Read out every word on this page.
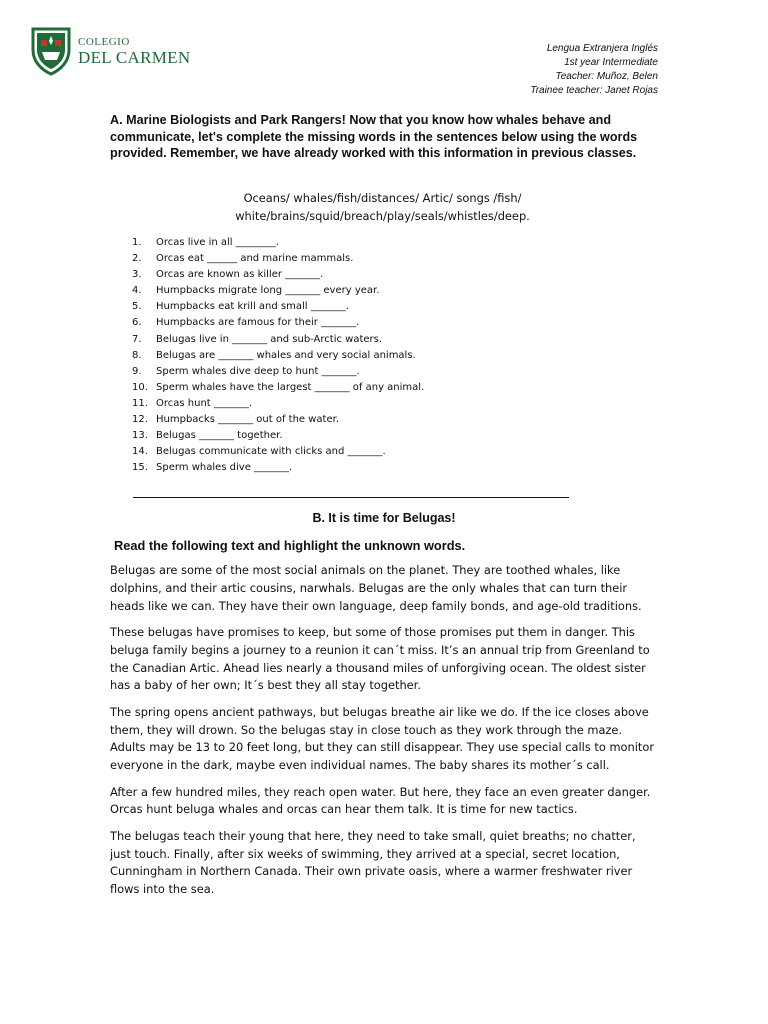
COLEGIO
DEL CARMEN	Lengua Extranjera Inglés
1st year Intermediate
Teacher: Muñoz, Belen
Trainee teacher: Janet Rojas
A. Marine Biologists and Park Rangers! Now that you know how whales behave and communicate, let's complete the missing words in the sentences below using the words provided. Remember, we have already worked with this information in previous classes.
Oceans/ whales/fish/distances/ Artic/ songs /fish/
white/brains/squid/breach/play/seals/whistles/deep.
1.	Orcas live in all ________.
2.	Orcas eat ______ and marine mammals.
3.	Orcas are known as killer _______.
4.	Humpbacks migrate long _______ every year.
5.	Humpbacks eat krill and small _______.
6.	Humpbacks are famous for their _______.
7.	Belugas live in _______ and sub-Arctic waters.
8.	Belugas are _______ whales and very social animals.
9.	Sperm whales dive deep to hunt _______.
10. Sperm whales have the largest _______ of any animal.
11. Orcas hunt _______.
12. Humpbacks _______ out of the water.
13. Belugas _______ together.
14. Belugas communicate with clicks and _______.
15. Sperm whales dive _______.
B. It is time for Belugas!
Read the following text and highlight the unknown words.

Belugas are some of the most social animals on the planet. They are toothed whales, like dolphins, and their artic cousins, narwhals. Belugas are the only whales that can turn their heads like we can. They have their own language, deep family bonds, and age-old traditions.

These belugas have promises to keep, but some of those promises put them in danger. This beluga family begins a journey to a reunion it can´t miss. It’s an annual trip from Greenland to the Canadian Artic. Ahead lies nearly a thousand miles of unforgiving ocean. The oldest sister has a baby of her own; It´s best they all stay together.

The spring opens ancient pathways, but belugas breathe air like we do. If the ice closes above them, they will drown. So the belugas stay in close touch as they work through the maze. Adults may be 13 to 20 feet long, but they can still disappear. They use special calls to monitor everyone in the dark, maybe even individual names. The baby shares its mother´s call.

After a few hundred miles, they reach open water. But here, they face an even greater danger. Orcas hunt beluga whales and orcas can hear them talk. It is time for new tactics.

The belugas teach their young that here, they need to take small, quiet breaths; no chatter, just touch. Finally, after six weeks of swimming, they arrived at a special, secret location, Cunningham in Northern Canada. Their own private oasis, where a warmer freshwater river flows into the sea.
